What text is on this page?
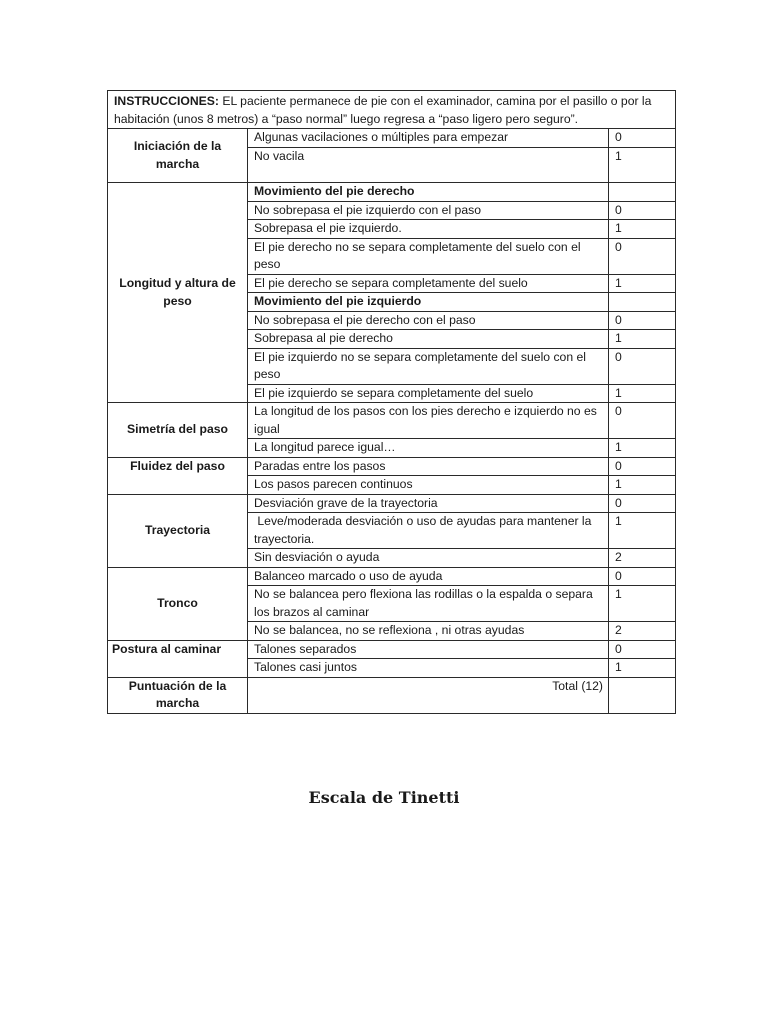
INSTRUCCIONES: EL paciente permanece de pie con el examinador, camina por el pasillo o por la habitación (unos 8 metros) a “paso normal” luego regresa a “paso ligero pero seguro”.		
Iniciación de la marcha	Algunas vacilaciones o múltiples para empezar	0
	No vacila	1

Longitud y altura de peso	Movimiento del pie derecho	
	No sobrepasa el pie izquierdo con el paso	0
	Sobrepasa el pie izquierdo.	1
	El pie derecho no se separa completamente del suelo con el peso	0
	El pie derecho se separa completamente del suelo	1
	Movimiento del pie izquierdo	
	No sobrepasa el pie derecho con el paso	0
	Sobrepasa al pie derecho	1
	El pie izquierdo no se separa completamente del suelo con el peso	0
	El pie izquierdo se separa completamente del suelo	1
Simetría del paso	La longitud de los pasos con los pies derecho e izquierdo no es igual	0
	La longitud parece igual…	1
Fluidez del paso	Paradas entre los pasos	0
	Los pasos parecen continuos	1
Trayectoria	Desviación grave de la trayectoria	0
	Leve/moderada desviación o uso de ayudas para mantener la trayectoria.	1
	Sin desviación o ayuda	2
Tronco	Balanceo marcado o uso de ayuda	0
	No se balancea pero flexiona las rodillas o la espalda o separa los brazos al caminar	1
	No se balancea, no se reflexiona , ni otras ayudas	2
Postura al caminar	Talones separados	0
	Talones casi juntos	1
Puntuación de la marcha	Total (12)	
Escala de Tinetti
